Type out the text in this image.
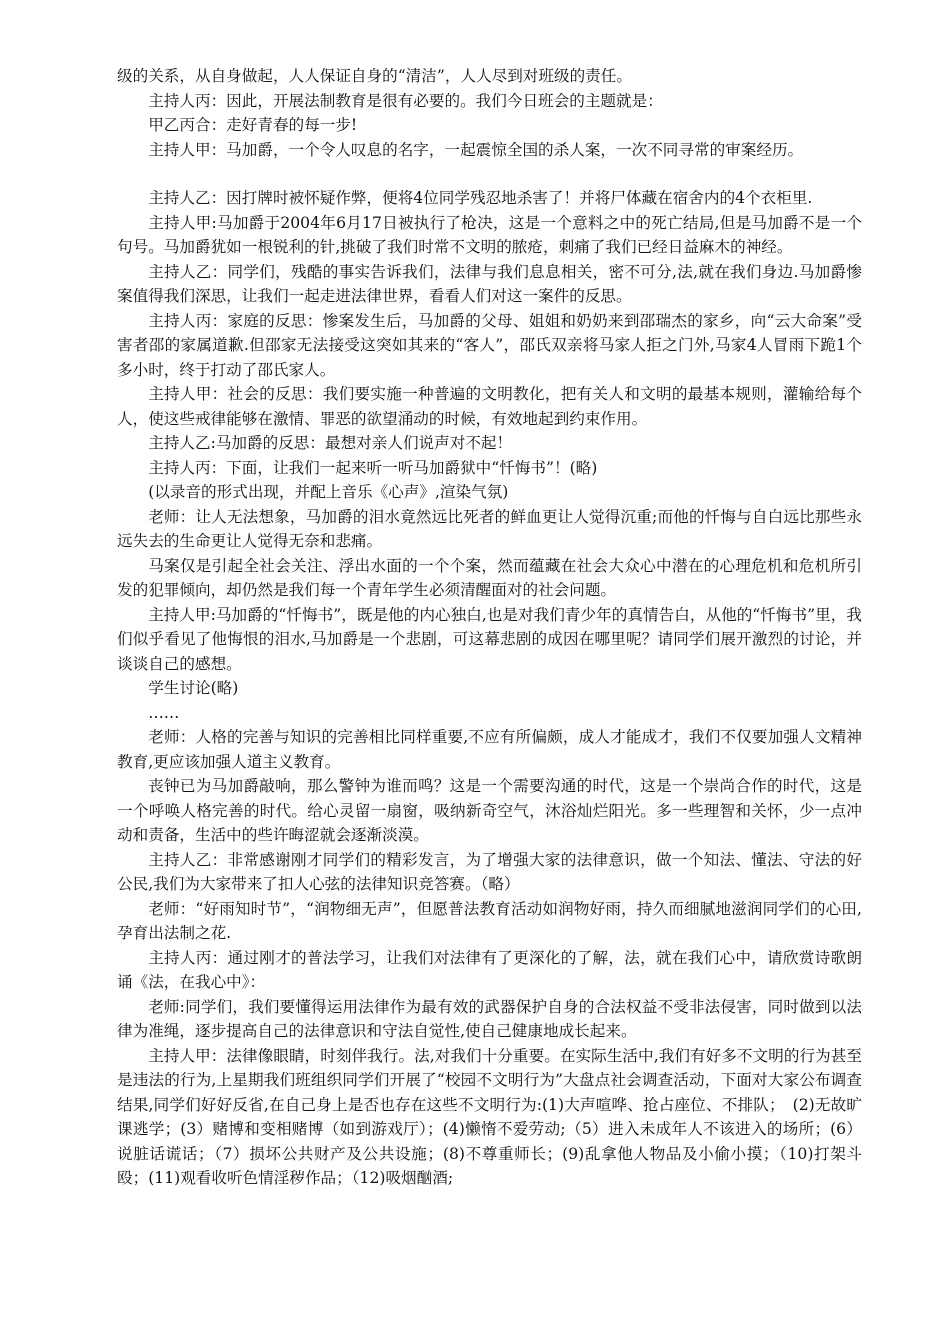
级的关系，从自身做起，人人保证自身的“清洁”，人人尽到对班级的责任。

主持人丙：因此，开展法制教育是很有必要的。我们今日班会的主题就是：

甲乙丙合：走好青春的每一步!

主持人甲：马加爵，一个令人叹息的名字，一起震惊全国的杀人案，一次不同寻常的审案经历。

主持人乙：因打牌时被怀疑作弊，便将4位同学残忍地杀害了！并将尸体藏在宿舍内的4个衣柜里.

主持人甲:马加爵于2004年6月17日被执行了枪决，这是一个意料之中的死亡结局,但是马加爵不是一个句号。马加爵犹如一根锐利的针,挑破了我们时常不文明的脓疮，刺痛了我们已经日益麻木的神经。

主持人乙：同学们，残酷的事实告诉我们，法律与我们息息相关，密不可分,法,就在我们身边.马加爵惨案值得我们深思，让我们一起走进法律世界，看看人们对这一案件的反思。

主持人丙：家庭的反思：惨案发生后，马加爵的父母、姐姐和奶奶来到邵瑞杰的家乡，向“云大命案”受害者邵的家属道歉.但邵家无法接受这突如其来的“客人”，邵氏双亲将马家人拒之门外,马家4人冒雨下跪1个多小时，终于打动了邵氏家人。

主持人甲：社会的反思：我们要实施一种普遍的文明教化，把有关人和文明的最基本规则，灌输给每个人，使这些戒律能够在激情、罪恶的欲望涌动的时候，有效地起到约束作用。

主持人乙:马加爵的反思：最想对亲人们说声对不起！

主持人丙：下面，让我们一起来听一听马加爵狱中“忏悔书”！(略)

(以录音的形式出现，并配上音乐《心声》,渲染气氛)

老师：让人无法想象，马加爵的泪水竟然远比死者的鲜血更让人觉得沉重;而他的忏悔与自白远比那些永远失去的生命更让人觉得无奈和悲痛。

马案仅是引起全社会关注、浮出水面的一个个案，然而蕴藏在社会大众心中潜在的心理危机和危机所引发的犯罪倾向，却仍然是我们每一个青年学生必须清醒面对的社会问题。

主持人甲:马加爵的“忏悔书”，既是他的内心独白,也是对我们青少年的真情告白，从他的“忏悔书”里，我们似乎看见了他悔恨的泪水,马加爵是一个悲剧，可这幕悲剧的成因在哪里呢？请同学们展开激烈的讨论，并谈谈自己的感想。

学生讨论(略)

……

老师：人格的完善与知识的完善相比同样重要,不应有所偏颇，成人才能成才，我们不仅要加强人文精神教育,更应该加强人道主义教育。

丧钟已为马加爵敲响，那么警钟为谁而鸣？这是一个需要沟通的时代，这是一个崇尚合作的时代，这是一个呼唤人格完善的时代。给心灵留一扇窗，吸纳新奇空气，沐浴灿烂阳光。多一些理智和关怀，少一点冲动和责备，生活中的些许晦涩就会逐渐淡漠。

主持人乙：非常感谢刚才同学们的精彩发言，为了增强大家的法律意识，做一个知法、懂法、守法的好公民,我们为大家带来了扣人心弦的法律知识竞答赛。（略）

老师：“好雨知时节”，“润物细无声”，但愿普法教育活动如润物好雨，持久而细腻地滋润同学们的心田,孕育出法制之花.

主持人丙：通过刚才的普法学习，让我们对法律有了更深化的了解，法，就在我们心中，请欣赏诗歌朗诵《法，在我心中》：

老师:同学们，我们要懂得运用法律作为最有效的武器保护自身的合法权益不受非法侵害，同时做到以法律为准绳，逐步提高自己的法律意识和守法自觉性,使自己健康地成长起来。

主持人甲：法律像眼睛，时刻伴我行。法,对我们十分重要。在实际生活中,我们有好多不文明的行为甚至是违法的行为,上星期我们班组织同学们开展了“校园不文明行为”大盘点社会调查活动，下面对大家公布调查结果,同学们好好反省,在自己身上是否也存在这些不文明行为:(1)大声喧哗、抢占座位、不排队；　(2)无故旷课逃学；(3）赌博和变相赌博（如到游戏厅）；(4)懒惰不爱劳动;（5）进入未成年人不该进入的场所；(6）说脏话谎话；（7）损坏公共财产及公共设施；(8)不尊重师长；(9)乱拿他人物品及小偷小摸；（10)打架斗殴；(11)观看收听色情淫秽作品；（12)吸烟酗酒;
